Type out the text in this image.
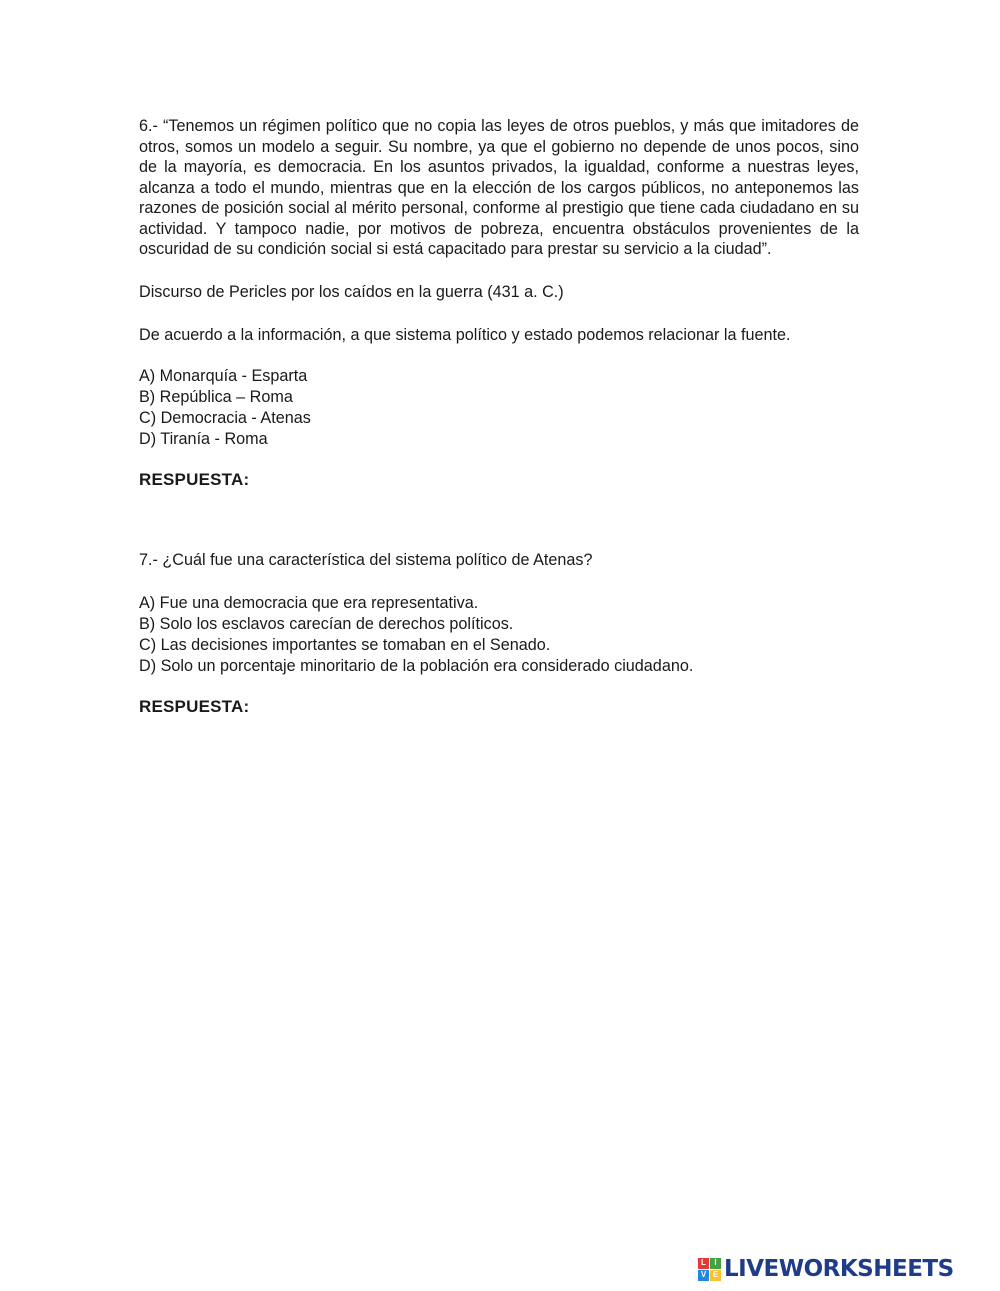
6.- “Tenemos un régimen político que no copia las leyes de otros pueblos, y más que imitadores de otros, somos un modelo a seguir. Su nombre, ya que el gobierno no depende de unos pocos, sino de la mayoría, es democracia. En los asuntos privados, la igualdad, conforme a nuestras leyes, alcanza a todo el mundo, mientras que en la elección de los cargos públicos, no anteponemos las razones de posición social al mérito personal, conforme al prestigio que tiene cada ciudadano en su actividad. Y tampoco nadie, por motivos de pobreza, encuentra obstáculos provenientes de la oscuridad de su condición social si está capacitado para prestar su servicio a la ciudad”.

Discurso de Pericles por los caídos en la guerra (431 a. C.)

De acuerdo a la información, a que sistema político y estado podemos relacionar la fuente.

A) Monarquía - Esparta
B) República – Roma
C) Democracia - Atenas
D) Tiranía - Roma

RESPUESTA:

7.- ¿Cuál fue una característica del sistema político de Atenas?

A) Fue una democracia que era representativa.
B) Solo los esclavos carecían de derechos políticos.
C) Las decisiones importantes se tomaban en el Senado.
D) Solo un porcentaje minoritario de la población era considerado ciudadano.

RESPUESTA:

L	I
V E LIVEWORKSHEETS
